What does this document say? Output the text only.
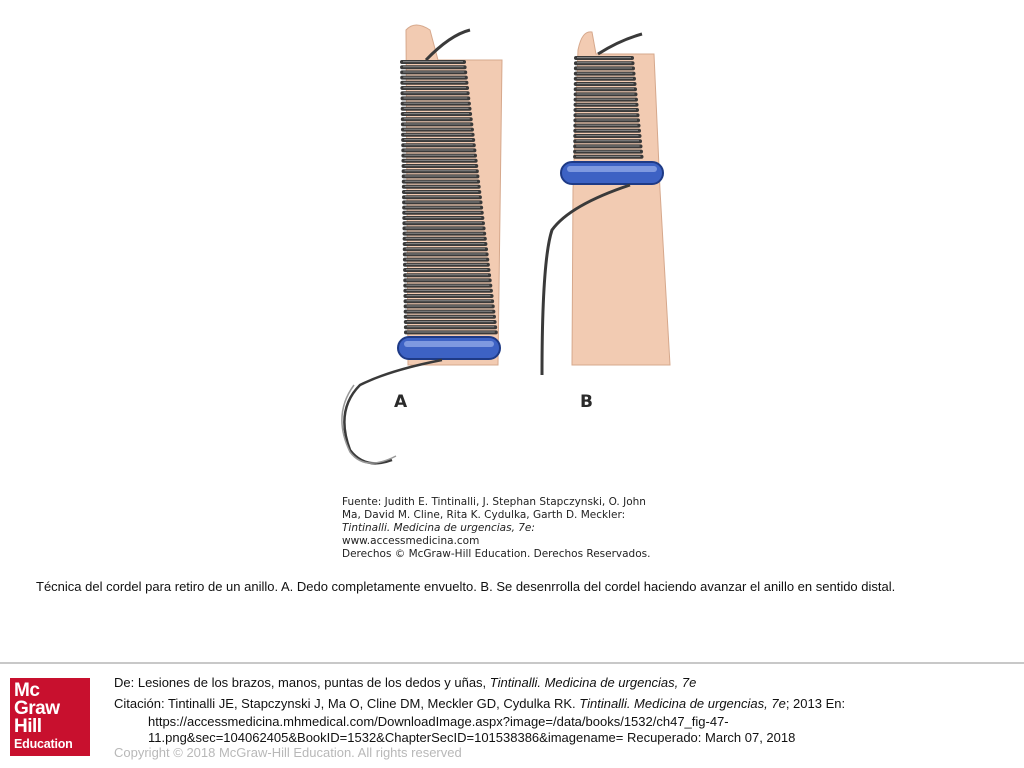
A	B
Fuente: Judith E. Tintinalli, J. Stephan Stapczynski, O. John
Ma, David M. Cline, Rita K. Cydulka, Garth D. Meckler:
Tintinalli. Medicina de urgencias, 7e:
www.accessmedicina.com
Derechos © McGraw-Hill Education. Derechos Reservados.
Técnica del cordel para retiro de un anillo. A. Dedo completamente envuelto. B. Se desenrrolla del cordel haciendo avanzar el anillo en sentido distal.
Mc
Graw
Hill
Education
De: Lesiones de los brazos, manos, puntas de los dedos y uñas, Tintinalli. Medicina de urgencias, 7e
Citación: Tintinalli JE, Stapczynski J, Ma O, Cline DM, Meckler GD, Cydulka RK. Tintinalli. Medicina de urgencias, 7e; 2013 En:
https://accessmedicina.mhmedical.com/DownloadImage.aspx?image=/data/books/1532/ch47_fig-47-
11.png&sec=104062405&BookID=1532&ChapterSecID=101538386&imagename= Recuperado: March 07, 2018
Copyright © 2018 McGraw-Hill Education. All rights reserved
